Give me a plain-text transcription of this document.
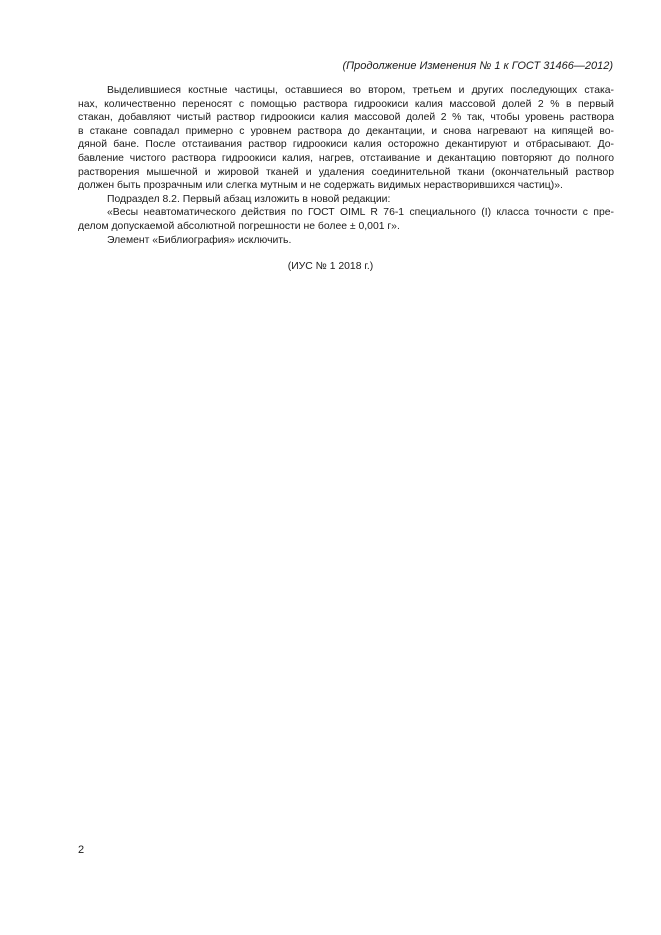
(Продолжение Изменения № 1 к ГОСТ 31466—2012)
Выделившиеся костные частицы, оставшиеся во втором, третьем и других последующих стака-
нах, количественно переносят с помощью раствора гидроокиси калия массовой долей 2 % в первый
стакан, добавляют чистый раствор гидроокиси калия массовой долей 2 % так, чтобы уровень раствора
в стакане совпадал примерно с уровнем раствора до декантации, и снова нагревают на кипящей во-
дяной бане. После отстаивания раствор гидроокиси калия осторожно декантируют и отбрасывают. До-
бавление чистого раствора гидроокиси калия, нагрев, отстаивание и декантацию повторяют до полного
растворения мышечной и жировой тканей и удаления соединительной ткани (окончательный раствор
должен быть прозрачным или слегка мутным и не содержать видимых нерастворившихся частиц)».
Подраздел 8.2. Первый абзац изложить в новой редакции:
«Весы неавтоматического действия по ГОСТ OIML R 76-1 специального (I) класса точности с пре-
делом допускаемой абсолютной погрешности не более ± 0,001 г».
Элемент «Библиография» исключить.
(ИУС № 1 2018 г.)
2
